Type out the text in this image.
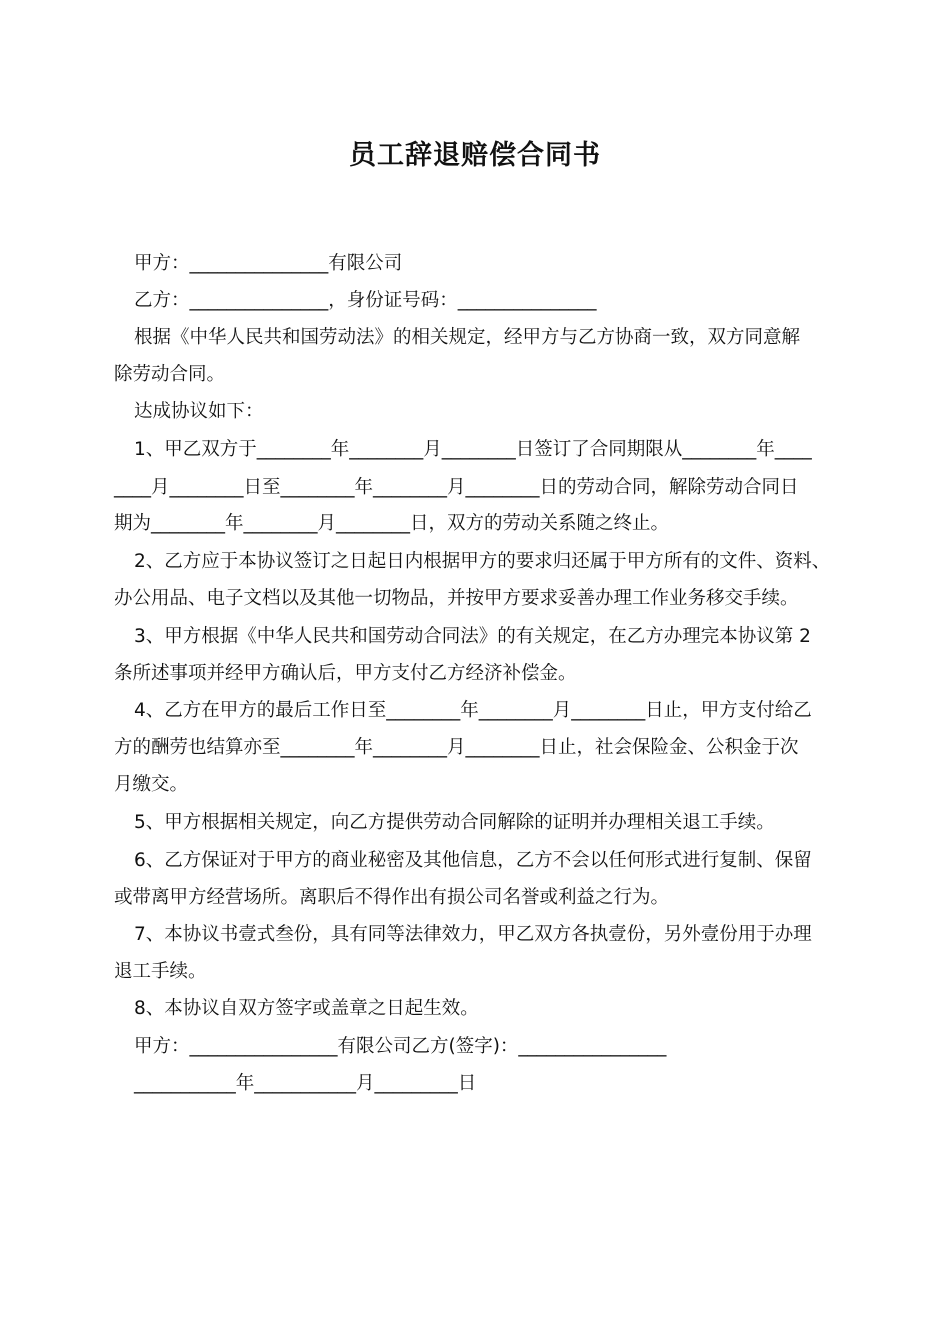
员工辞退赔偿合同书

甲方：_______________有限公司

乙方：_______________，身份证号码：_______________

根据《中华人民共和国劳动法》的相关规定，经甲方与乙方协商一致，双方同意解

除劳动合同。

达成协议如下：

1、甲乙双方于________年________月________日签订了合同期限从________年____

____月________日至________年________月________日的劳动合同，解除劳动合同日

期为________年________月________日，双方的劳动关系随之终止。

2、乙方应于本协议签订之日起日内根据甲方的要求归还属于甲方所有的文件、资料、

办公用品、电子文档以及其他一切物品，并按甲方要求妥善办理工作业务移交手续。

3、甲方根据《中华人民共和国劳动合同法》的有关规定，在乙方办理完本协议第 2

条所述事项并经甲方确认后，甲方支付乙方经济补偿金。

4、乙方在甲方的最后工作日至________年________月________日止，甲方支付给乙

方的酬劳也结算亦至________年________月________日止，社会保险金、公积金于次

月缴交。

5、甲方根据相关规定，向乙方提供劳动合同解除的证明并办理相关退工手续。

6、乙方保证对于甲方的商业秘密及其他信息，乙方不会以任何形式进行复制、保留

或带离甲方经营场所。离职后不得作出有损公司名誉或利益之行为。

7、本协议书壹式叁份，具有同等法律效力，甲乙双方各执壹份，另外壹份用于办理

退工手续。

8、本协议自双方签字或盖章之日起生效。

甲方：________________有限公司乙方(签字)：________________

___________年___________月_________日
